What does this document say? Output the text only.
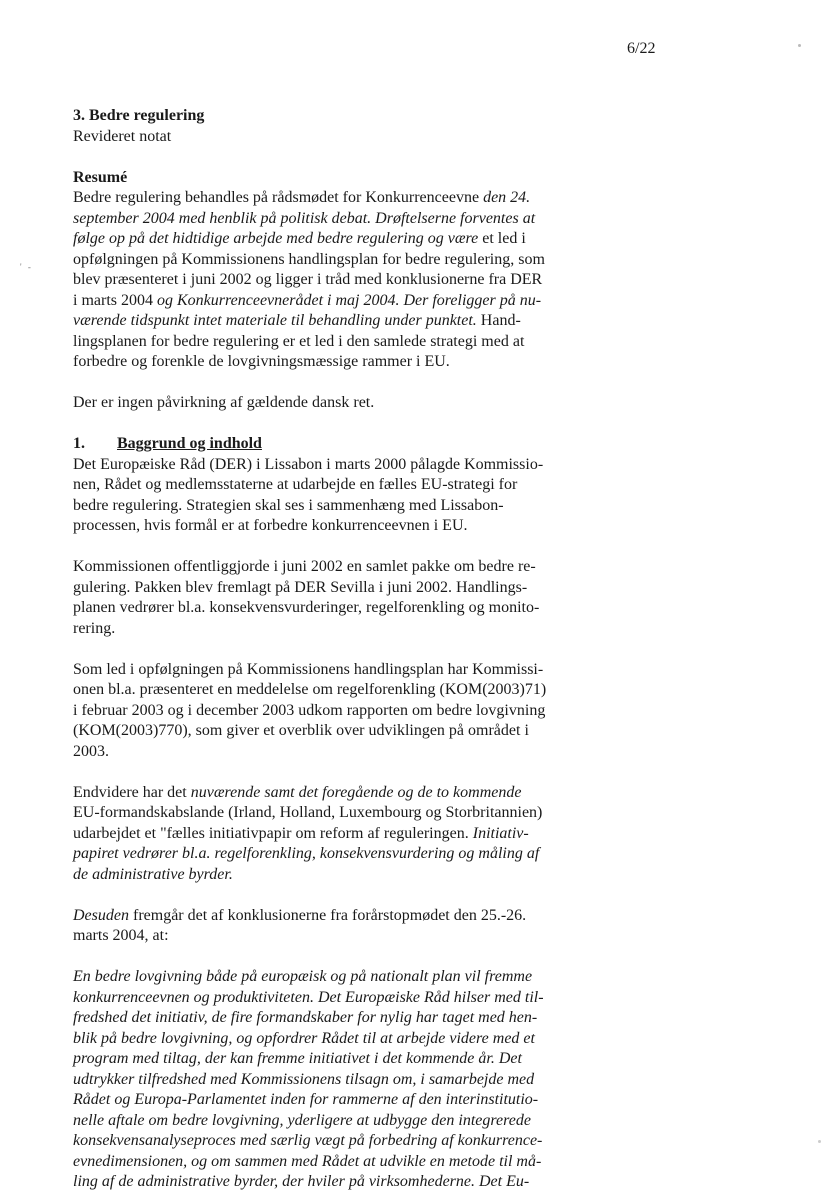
6/22
' -
3. Bedre regulering
Revideret notat
Resumé
Bedre regulering behandles på rådsmødet for Konkurrenceevne den 24.
september 2004 med henblik på politisk debat. Drøftelserne forventes at
følge op på det hidtidige arbejde med bedre regulering og være et led i
opfølgningen på Kommissionens handlingsplan for bedre regulering, som
blev præsenteret i juni 2002 og ligger i tråd med konklusionerne fra DER
i marts 2004 og Konkurrenceevnerådet i maj 2004. Der foreligger på nu-
værende tidspunkt intet materiale til behandling under punktet. Hand-
lingsplanen for bedre regulering er et led i den samlede strategi med at
forbedre og forenkle de lovgivningsmæssige rammer i EU.
Der er ingen påvirkning af gældende dansk ret.
1. Baggrund og indhold
Det Europæiske Råd (DER) i Lissabon i marts 2000 pålagde Kommissio-
nen, Rådet og medlemsstaterne at udarbejde en fælles EU-strategi for
bedre regulering. Strategien skal ses i sammenhæng med Lissabon-
processen, hvis formål er at forbedre konkurrenceevnen i EU.
Kommissionen offentliggjorde i juni 2002 en samlet pakke om bedre re-
gulering. Pakken blev fremlagt på DER Sevilla i juni 2002. Handlings-
planen vedrører bl.a. konsekvensvurderinger, regelforenkling og monito-
rering.
Som led i opfølgningen på Kommissionens handlingsplan har Kommissi-
onen bl.a. præsenteret en meddelelse om regelforenkling (KOM(2003)71)
i februar 2003 og i december 2003 udkom rapporten om bedre lovgivning
(KOM(2003)770), som giver et overblik over udviklingen på området i
2003.
Endvidere har det nuværende samt det foregående og de to kommende
EU-formandskabslande (Irland, Holland, Luxembourg og Storbritannien)
udarbejdet et "fælles initiativpapir om reform af reguleringen. Initiativ-
papiret vedrører bl.a. regelforenkling, konsekvensvurdering og måling af
de administrative byrder.
Desuden fremgår det af konklusionerne fra forårstopmødet den 25.-26.
marts 2004, at:
En bedre lovgivning både på europæisk og på nationalt plan vil fremme
konkurrenceevnen og produktiviteten. Det Europæiske Råd hilser med til-
fredshed det initiativ, de fire formandskaber for nylig har taget med hen-
blik på bedre lovgivning, og opfordrer Rådet til at arbejde videre med et
program med tiltag, der kan fremme initiativet i det kommende år. Det
udtrykker tilfredshed med Kommissionens tilsagn om, i samarbejde med
Rådet og Europa-Parlamentet inden for rammerne af den interinstitutio-
nelle aftale om bedre lovgivning, yderligere at udbygge den integrerede
konsekvensanalyseproces med særlig vægt på forbedring af konkurrence-
evnedimensionen, og om sammen med Rådet at udvikle en metode til må-
ling af de administrative byrder, der hviler på virksomhederne. Det Eu-
